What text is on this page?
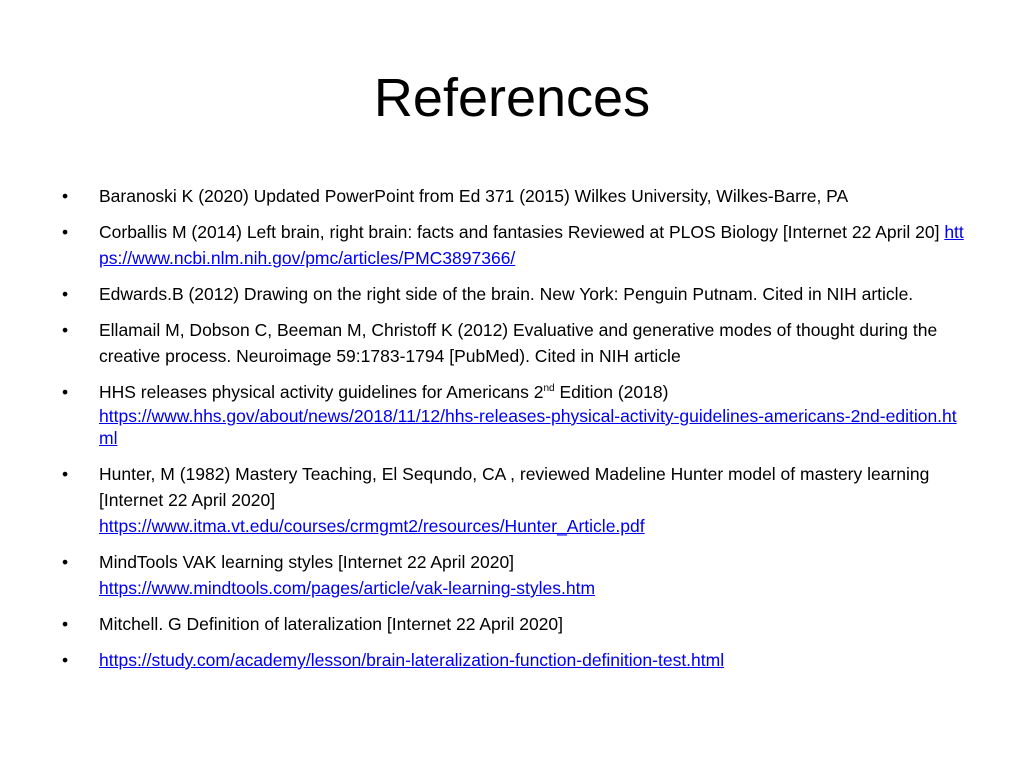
References
•	Baranoski K (2020) Updated PowerPoint from Ed 371 (2015) Wilkes University, Wilkes-Barre, PA
•	Corballis M (2014) Left brain, right brain: facts and fantasies Reviewed at PLOS Biology [Internet 22 April 20] https://www.ncbi.nlm.nih.gov/pmc/articles/PMC3897366/
•	Edwards.B (2012) Drawing on the right side of the brain. New York: Penguin Putnam. Cited in NIH article.
•	Ellamail M, Dobson C, Beeman M, Christoff K (2012) Evaluative and generative modes of thought during the creative process. Neuroimage 59:1783-1794 [PubMed). Cited in NIH article
•	HHS releases physical activity guidelines for Americans 2nd Edition (2018)
https://www.hhs.gov/about/news/2018/11/12/hhs-releases-physical-activity-guidelines-americans-2nd-edition.html
•	Hunter, M (1982) Mastery Teaching, El Sequndo, CA , reviewed Madeline Hunter model of mastery learning [Internet 22 April 2020]
https://www.itma.vt.edu/courses/crmgmt2/resources/Hunter_Article.pdf
•	MindTools VAK learning styles [Internet 22 April 2020]
https://www.mindtools.com/pages/article/vak-learning-styles.htm
•	Mitchell. G Definition of lateralization [Internet 22 April 2020]
•	https://study.com/academy/lesson/brain-lateralization-function-definition-test.html
